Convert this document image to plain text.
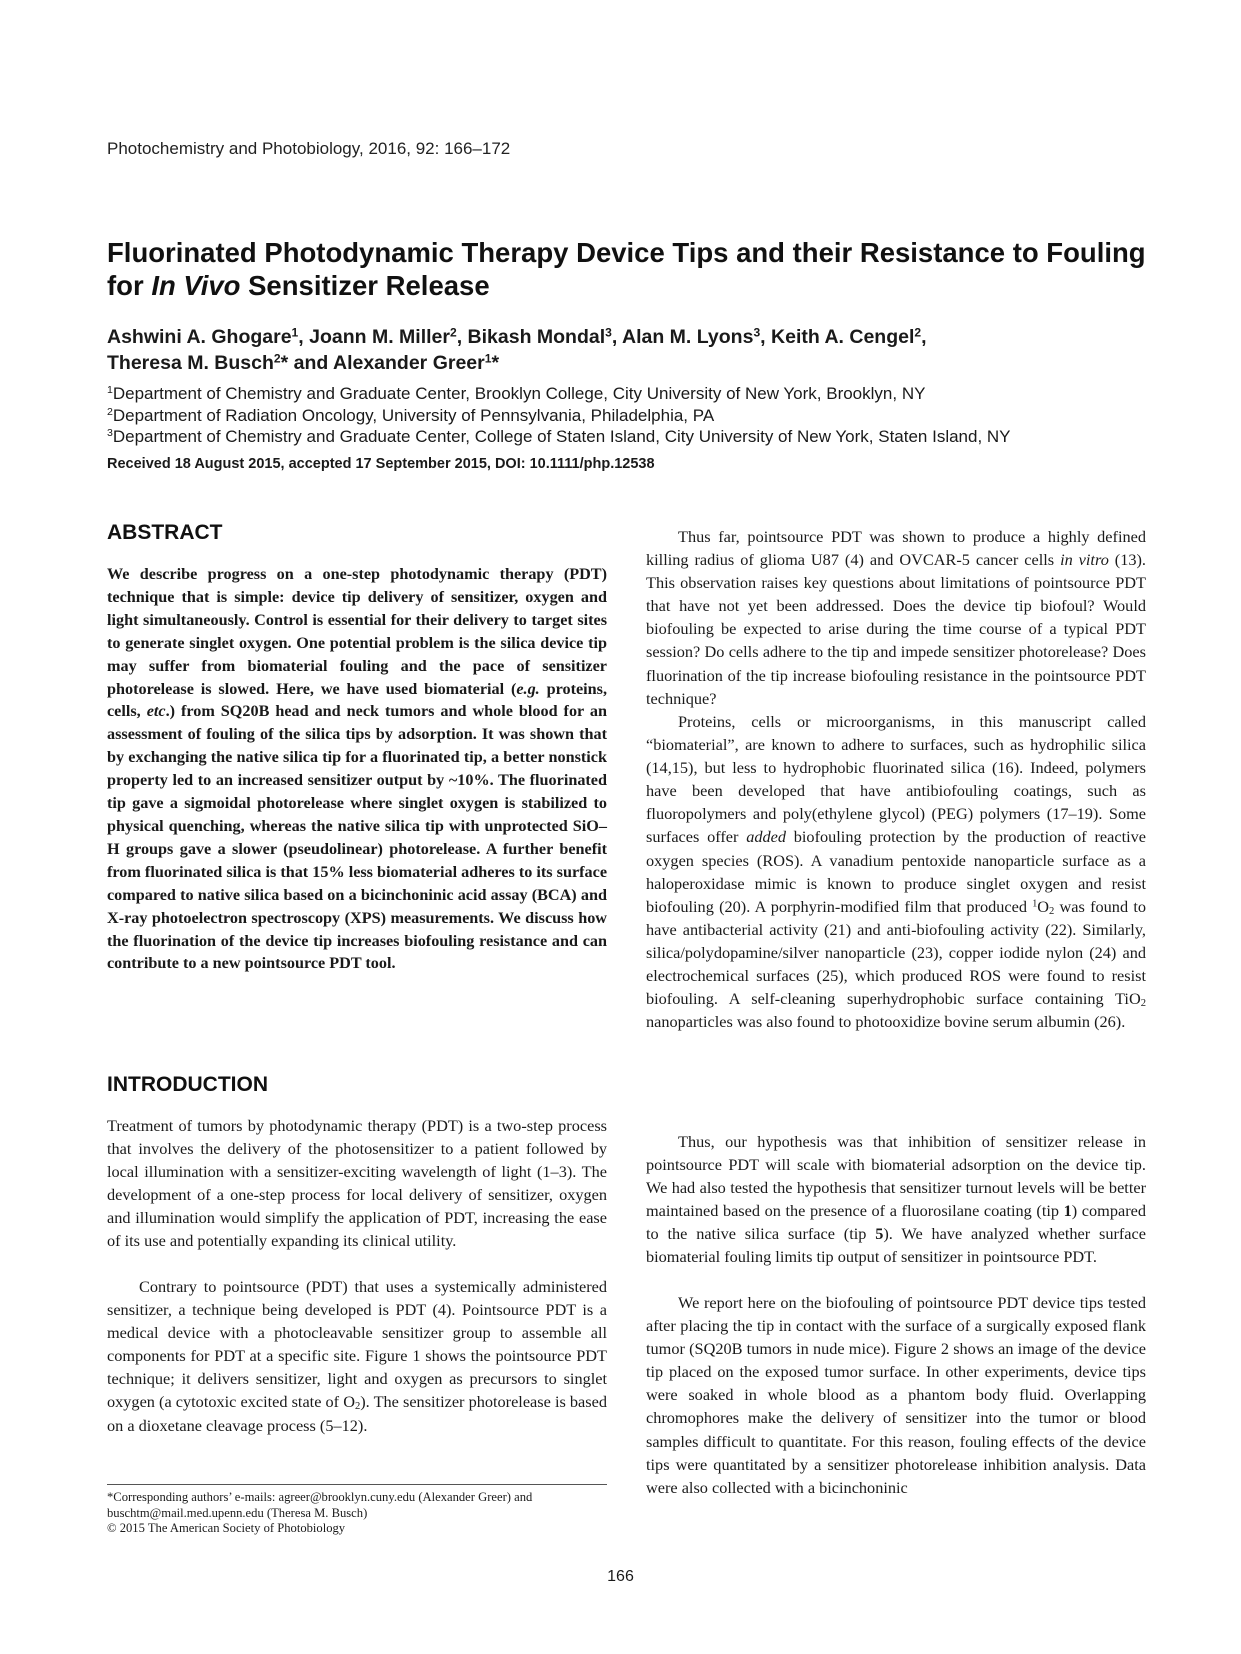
Photochemistry and Photobiology, 2016, 92: 166–172
Fluorinated Photodynamic Therapy Device Tips and their Resistance to Fouling for In Vivo Sensitizer Release
Ashwini A. Ghogare$^1$, Joann M. Miller$^2$, Bikash Mondal$^3$, Alan M. Lyons$^3$, Keith A. Cengel$^2$,
Theresa M. Busch$^2$* and Alexander Greer$^1$*
$^1$Department of Chemistry and Graduate Center, Brooklyn College, City University of New York, Brooklyn, NY
$^2$Department of Radiation Oncology, University of Pennsylvania, Philadelphia, PA
$^3$Department of Chemistry and Graduate Center, College of Staten Island, City University of New York, Staten Island, NY
Received 18 August 2015, accepted 17 September 2015, DOI: 10.1111/php.12538
ABSTRACT
We describe progress on a one-step photodynamic therapy (PDT) technique that is simple: device tip delivery of sensitizer, oxygen and light simultaneously. Control is essential for their delivery to target sites to generate singlet oxygen. One potential problem is the silica device tip may suffer from biomaterial fouling and the pace of sensitizer photorelease is slowed. Here, we have used biomaterial (e.g. proteins, cells, etc.) from SQ20B head and neck tumors and whole blood for an assessment of fouling of the silica tips by adsorption. It was shown that by exchanging the native silica tip for a fluorinated tip, a better nonstick property led to an increased sensitizer output by ~10%. The fluorinated tip gave a sigmoidal photorelease where singlet oxygen is stabilized to physical quenching, whereas the native silica tip with unprotected SiO–H groups gave a slower (pseudolinear) photorelease. A further benefit from fluorinated silica is that 15% less biomaterial adheres to its surface compared to native silica based on a bicinchoninic acid assay (BCA) and X-ray photoelectron spectroscopy (XPS) measurements. We discuss how the fluorination of the device tip increases biofouling resistance and can contribute to a new pointsource PDT tool.
INTRODUCTION
Treatment of tumors by photodynamic therapy (PDT) is a two-step process that involves the delivery of the photosensitizer to a patient followed by local illumination with a sensitizer-exciting wavelength of light (1–3). The development of a one-step process for local delivery of sensitizer, oxygen and illumination would simplify the application of PDT, increasing the ease of its use and potentially expanding its clinical utility.
Contrary to pointsource (PDT) that uses a systemically administered sensitizer, a technique being developed is PDT (4). Pointsource PDT is a medical device with a photocleavable sensitizer group to assemble all components for PDT at a specific site. Figure 1 shows the pointsource PDT technique; it delivers sensitizer, light and oxygen as precursors to singlet oxygen (a cytotoxic excited state of $O_2$). The sensitizer photorelease is based on a dioxetane cleavage process (5–12).
*Corresponding authors’ e-mails: agreer@brooklyn.cuny.edu (Alexander Greer) and buschtm@mail.med.upenn.edu (Theresa M. Busch)
© 2015 The American Society of Photobiology
Thus far, pointsource PDT was shown to produce a highly defined killing radius of glioma U87 (4) and OVCAR-5 cancer cells in vitro (13). This observation raises key questions about limitations of pointsource PDT that have not yet been addressed. Does the device tip biofoul? Would biofouling be expected to arise during the time course of a typical PDT session? Do cells adhere to the tip and impede sensitizer photorelease? Does fluorination of the tip increase biofouling resistance in the pointsource PDT technique?
Proteins, cells or microorganisms, in this manuscript called “biomaterial”, are known to adhere to surfaces, such as hydrophilic silica (14,15), but less to hydrophobic fluorinated silica (16). Indeed, polymers have been developed that have antibiofouling coatings, such as fluoropolymers and poly(ethylene glycol) (PEG) polymers (17–19). Some surfaces offer added biofouling protection by the production of reactive oxygen species (ROS). A vanadium pentoxide nanoparticle surface as a haloperoxidase mimic is known to produce singlet oxygen and resist biofouling (20). A porphyrin-modified film that produced $^1O_2$ was found to have antibacterial activity (21) and anti-biofouling activity (22). Similarly, silica/polydopamine/silver nanoparticle (23), copper iodide nylon (24) and electrochemical surfaces (25), which produced ROS were found to resist biofouling. A self-cleaning superhydrophobic surface containing TiO$_2$ nanoparticles was also found to photooxidize bovine serum albumin (26).
Thus, our hypothesis was that inhibition of sensitizer release in pointsource PDT will scale with biomaterial adsorption on the device tip. We had also tested the hypothesis that sensitizer turnout levels will be better maintained based on the presence of a fluorosilane coating (tip 1) compared to the native silica surface (tip 5). We have analyzed whether surface biomaterial fouling limits tip output of sensitizer in pointsource PDT.
We report here on the biofouling of pointsource PDT device tips tested after placing the tip in contact with the surface of a surgically exposed flank tumor (SQ20B tumors in nude mice). Figure 2 shows an image of the device tip placed on the exposed tumor surface. In other experiments, device tips were soaked in whole blood as a phantom body fluid. Overlapping chromophores make the delivery of sensitizer into the tumor or blood samples difficult to quantitate. For this reason, fouling effects of the device tips were quantitated by a sensitizer photorelease inhibition analysis. Data were also collected with a bicinchoninic
166
